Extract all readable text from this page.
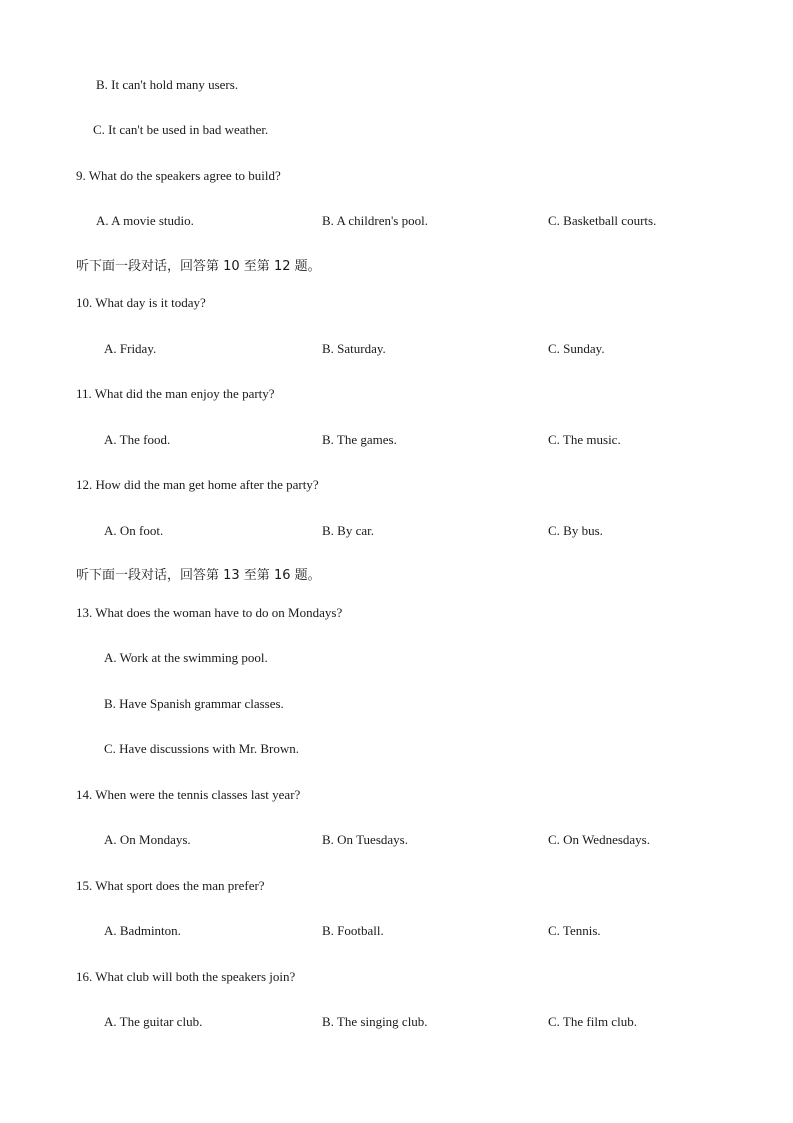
B. It can't hold many users.
C. It can't be used in bad weather.
9. What do the speakers agree to build?
A. A movie studio.	B. A children's pool.	C. Basketball courts.
听下面一段对话，回答第 10 至第 12 题。
10. What day is it today?
A. Friday.	B. Saturday.	C. Sunday.
11. What did the man enjoy the party?
A. The food.	B. The games.	C. The music.
12. How did the man get home after the party?
A. On foot.	B. By car.	C. By bus.
听下面一段对话，回答第 13 至第 16 题。
13. What does the woman have to do on Mondays?
A. Work at the swimming pool.
B. Have Spanish grammar classes.
C. Have discussions with Mr. Brown.
14. When were the tennis classes last year?
A. On Mondays.	B. On Tuesdays.	C. On Wednesdays.
15. What sport does the man prefer?
A. Badminton.	B. Football.	C. Tennis.
16. What club will both the speakers join?
A. The guitar club.	B. The singing club.	C. The film club.
